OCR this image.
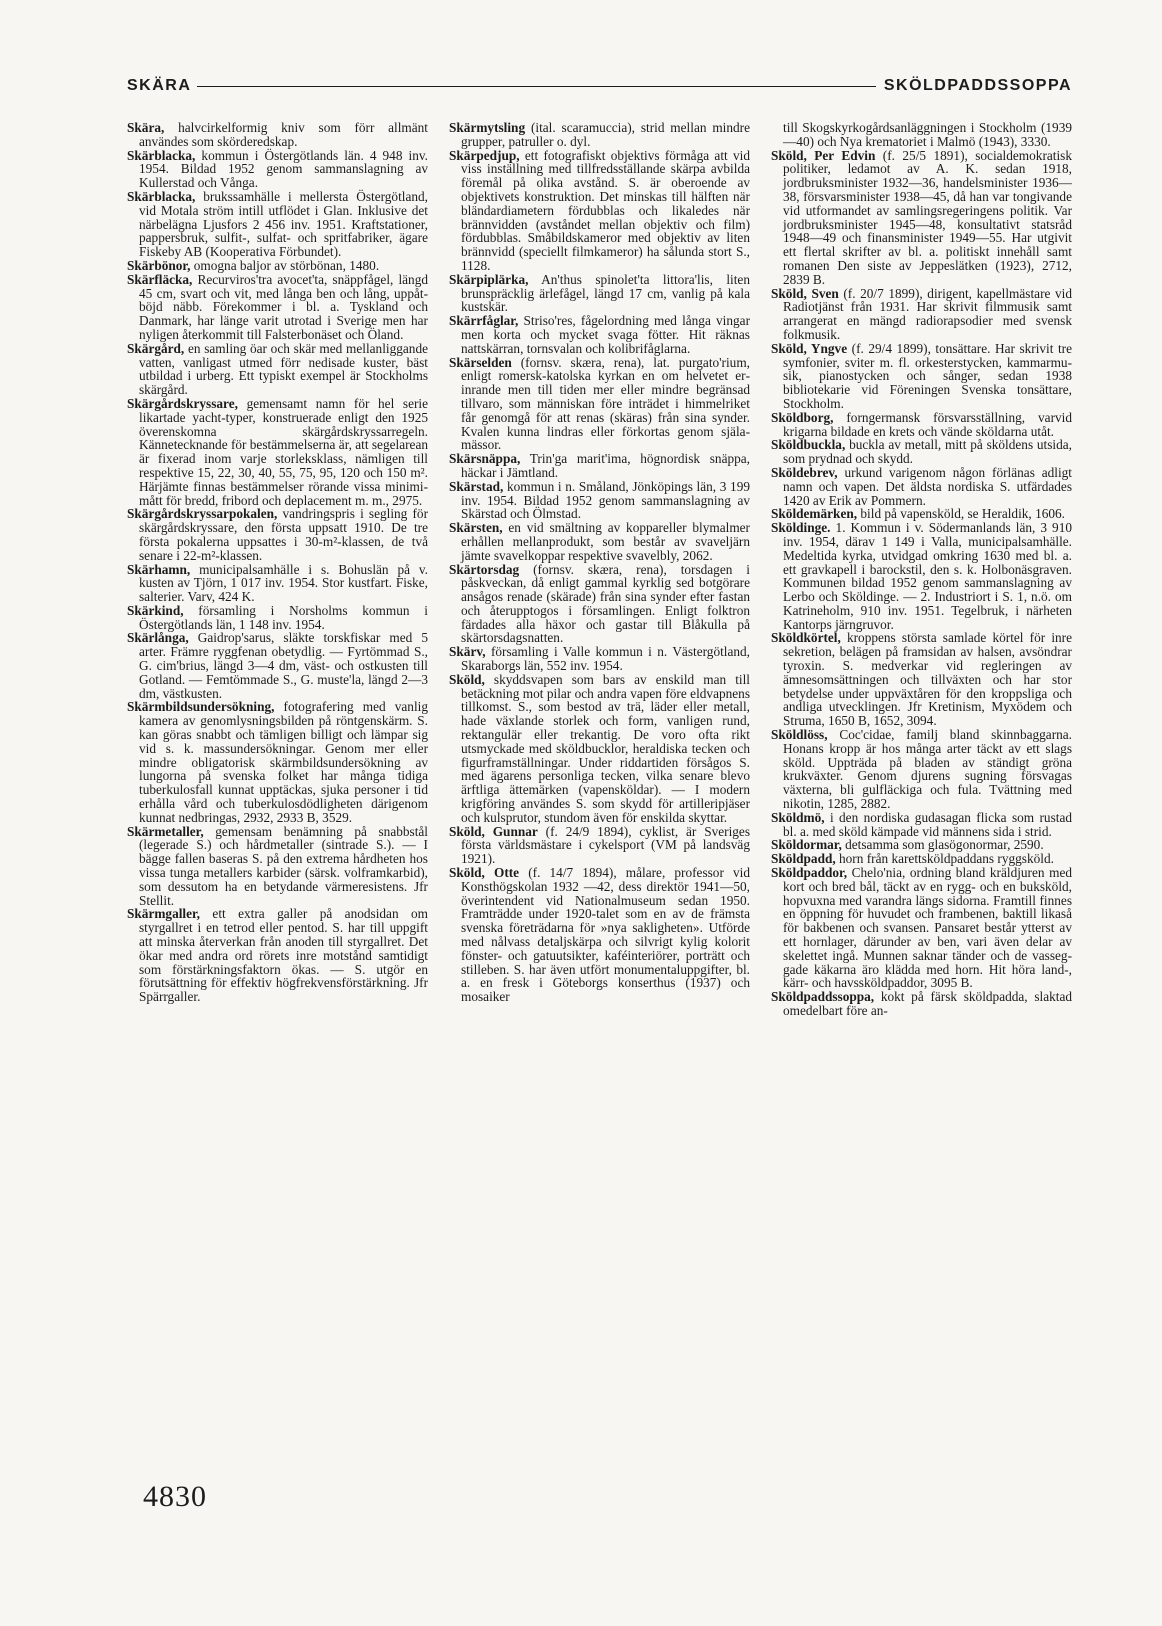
SKÄRA	SKÖLDPADDSSOPPA

Skära, halvcirkelformig kniv som förr allmänt användes som skörderedskap.

Skärblacka, kommun i Östergötlands län. 4 948 inv. 1954. Bildad 1952 genom sammanslagning av Kullerstad och Vånga.

Skärblacka, brukssamhälle i mellersta Östergötland, vid Motala ström intill utflödet i Glan. Inklusive det närbelägna Ljusfors 2 456 inv. 1951. Kraftstationer, pappersbruk, sulfit-, sulfat- och spritfabriker, ägare Fiskeby AB (Kooperativa Förbundet).

Skärbönor, omogna baljor av störbönan, 1480.

Skärfläcka, Recurviros'tra avocet'ta, snäppfågel, längd 45 cm, svart och vit, med långa ben och lång, uppåtböjd näbb. Förekommer i bl. a. Tyskland och Danmark, har länge varit utrotad i Sverige men har nyligen återkommit till Falsterbonäset och Öland.

Skärgård, en samling öar och skär med mellanliggande vatten, vanligast utmed förr nedisade kuster, bäst utbildad i urberg. Ett typiskt exempel är Stockholms skärgård.

Skärgårdskryssare, gemensamt namn för hel serie likartade yacht-typer, konstruerade enligt den 1925 överenskomna skärgårdskryssarregeln. Kännetecknande för bestämmelserna är, att segelarean är fixerad inom varje storleksklass, nämligen till respektive 15, 22, 30, 40, 55, 75, 95, 120 och 150 m². Härjämte finnas bestämmelser rörande vissa minimimått för bredd, fribord och deplacement m. m., 2975.

Skärgårdskryssarpokalen, vandringspris i segling för skärgårdskryssare, den första uppsatt 1910. De tre första pokalerna uppsattes i 30-m²-klassen, de två senare i 22-m²-klassen.

Skärhamn, municipalsamhälle i s. Bohuslän på v. kusten av Tjörn, 1 017 inv. 1954. Stor kustfart. Fiske, salterier. Varv, 424 K.

Skärkind, församling i Norsholms kommun i Östergötlands län, 1 148 inv. 1954.

Skärlånga, Gaidrop'sarus, släkte torskfiskar med 5 arter. Främre ryggfenan obetydlig. — Fyrtömmad S., G. cim'brius, längd 3—4 dm, väst- och ostkusten till Gotland. — Femtömmade S., G. muste'la, längd 2—3 dm, västkusten.

Skärmbildsundersökning, fotografering med vanlig kamera av genomlysningsbilden på röntgenskärm. S. kan göras snabbt och tämligen billigt och lämpar sig vid s. k. massundersökningar. Genom mer eller mindre obligatorisk skärmbildsundersökning av lungorna på svenska folket har många tidiga tuberkulosfall kunnat upptäckas, sjuka personer i tid erhålla vård och tuberkulosdödligheten därigenom kunnat nedbringas, 2932, 2933 B, 3529.

Skärmetaller, gemensam benämning på snabbstål (legerade S.) och hårdmetaller (sintrade S.). — I bägge fallen baseras S. på den extrema hårdheten hos vissa tunga metallers karbider (särsk. volframkarbid), som dessutom ha en betydande värmeresistens. Jfr Stellit.

Skärmgaller, ett extra galler på anodsidan om styrgallret i en tetrod eller pentod. S. har till uppgift att minska återverkan från anoden till styrgallret. Det ökar med andra ord rörets inre motstånd samtidigt som förstärkningsfaktorn ökas. — S. utgör en förutsättning för effektiv högfrekvensförstärkning. Jfr Spärrgaller.

Skärmytsling (ital. scaramuccia), strid mellan mindre grupper, patruller o. dyl.

Skärpedjup, ett fotografiskt objektivs förmåga att vid viss inställning med tillfredsställande skärpa avbilda föremål på olika avstånd. S. är oberoende av objektivets konstruktion. Det minskas till hälften när bländardiametern fördubblas och likaledes när brännvidden (avståndet mellan objektiv och film) fördubblas. Småbildskameror med objektiv av liten brännvidd (speciellt filmkameror) ha sålunda stort S., 1128.

Skärpiplärka, An'thus spinolet'ta littora'lis, liten brunspräcklig ärlefågel, längd 17 cm, vanlig på kala kustskär.

Skärrfåglar, Striso'res, fågelordning med långa vingar men korta och mycket svaga fötter. Hit räknas nattskärran, tornsvalan och kolibrifåglarna.

Skärselden (fornsv. skæra, rena), lat. purgato'rium, enligt romersk-katolska kyrkan en om helvetet erinrande men till tiden mer eller mindre begränsad tillvaro, som människan före inträdet i himmelriket får genomgå för att renas (skäras) från sina synder. Kvalen kunna lindras eller förkortas genom själamässor.

Skärsnäppa, Trin'ga marit'ima, högnordisk snäppa, häckar i Jämtland.

Skärstad, kommun i n. Småland, Jönköpings län, 3 199 inv. 1954. Bildad 1952 genom sammanslagning av Skärstad och Ölmstad.

Skärsten, en vid smältning av koppareller blymalmer erhållen mellanprodukt, som består av svaveljärn jämte svavelkoppar respektive svavelbly, 2062.

Skärtorsdag (fornsv. skæra, rena), torsdagen i påskveckan, då enligt gammal kyrklig sed botgörare ansågos renade (skärade) från sina synder efter fastan och återupptogos i församlingen. Enligt folktron färdades alla häxor och gastar till Blåkulla på skärtorsdagsnatten.

Skärv, församling i Valle kommun i n. Västergötland, Skaraborgs län, 552 inv. 1954.

Sköld, skyddsvapen som bars av enskild man till betäckning mot pilar och andra vapen före eldvapnens tillkomst. S., som bestod av trä, läder eller metall, hade växlande storlek och form, vanligen rund, rektangulär eller trekantig. De voro ofta rikt utsmyckade med sköldbucklor, heraldiska tecken och figurframställningar. Under riddartiden försågos S. med ägarens personliga tecken, vilka senare blevo ärftliga ättemärken (vapensköldar). — I modern krigföring användes S. som skydd för artilleripjäser och kulsprutor, stundom även för enskilda skyttar.

Sköld, Gunnar (f. 24/9 1894), cyklist, är Sveriges första världsmästare i cykelsport (VM på landsväg 1921).

Sköld, Otte (f. 14/7 1894), målare, professor vid Konsthögskolan 1932 —42, dess direktör 1941—50, överintendent vid Nationalmuseum sedan 1950. Framträdde under 1920-talet som en av de främsta svenska företrädarna för »nya sakligheten». Utförde med nålvass detaljskärpa och silvrigt kylig kolorit fönster- och gatuutsikter, kaféinteriörer, porträtt och stilleben. S. har även utfört monumentaluppgifter, bl. a. en fresk i Göteborgs konserthus (1937) och mosaiker

till Skogskyrkogårdsanläggningen i Stockholm (1939—40) och Nya krematoriet i Malmö (1943), 3330.

Sköld, Per Edvin (f. 25/5 1891), socialdemokratisk politiker, ledamot av A. K. sedan 1918, jordbruksminister 1932—36, handelsminister 1936—38, försvarsminister 1938—45, då han var tongivande vid utformandet av samlingsregeringens politik. Var jordbruksminister 1945—48, konsultativt statsråd 1948—49 och finansminister 1949—55. Har utgivit ett flertal skrifter av bl. a. politiskt innehåll samt romanen Den siste av Jeppeslätken (1923), 2712, 2839 B.

Sköld, Sven (f. 20/7 1899), dirigent, kapellmästare vid Radiotjänst från 1931. Har skrivit filmmusik samt arrangerat en mängd radiorapsodier med svensk folkmusik.

Sköld, Yngve (f. 29/4 1899), tonsättare. Har skrivit tre symfonier, sviter m. fl. orkesterstycken, kammarmusik, pianostycken och sånger, sedan 1938 bibliotekarie vid Föreningen Svenska tonsättare, Stockholm.

Sköldborg, forngermansk försvarsställning, varvid krigarna bildade en krets och vände sköldarna utåt.

Sköldbuckla, buckla av metall, mitt på sköldens utsida, som prydnad och skydd.

Sköldebrev, urkund varigenom någon förlänas adligt namn och vapen. Det äldsta nordiska S. utfärdades 1420 av Erik av Pommern.

Sköldemärken, bild på vapensköld, se Heraldik, 1606.

Sköldinge. 1. Kommun i v. Södermanlands län, 3 910 inv. 1954, därav 1 149 i Valla, municipalsamhälle. Medeltida kyrka, utvidgad omkring 1630 med bl. a. ett gravkapell i barockstil, den s. k. Holbonäsgraven. Kommunen bildad 1952 genom sammanslagning av Lerbo och Sköldinge. — 2. Industriort i S. 1, n.ö. om Katrineholm, 910 inv. 1951. Tegelbruk, i närheten Kantorps järngruvor.

Sköldkörtel, kroppens största samlade körtel för inre sekretion, belägen på framsidan av halsen, avsöndrar tyroxin. S. medverkar vid regleringen av ämnesomsättningen och tillväxten och har stor betydelse under uppväxtåren för den kroppsliga och andliga utvecklingen. Jfr Kretinism, Myxödem och Struma, 1650 B, 1652, 3094.

Sköldlöss, Coc'cidae, familj bland skinnbaggarna. Honans kropp är hos många arter täckt av ett slags sköld. Uppträda på bladen av ständigt gröna krukväxter. Genom djurens sugning försvagas växterna, bli gulfläckiga och fula. Tvättning med nikotin, 1285, 2882.

Sköldmö, i den nordiska gudasagan flicka som rustad bl. a. med sköld kämpade vid männens sida i strid.

Sköldormar, detsamma som glasögonormar, 2590.

Sköldpadd, horn från karettsköldpaddans ryggsköld.

Sköldpaddor, Chelo'nia, ordning bland kräldjuren med kort och bred bål, täckt av en rygg- och en buksköld, hopvuxna med varandra längs sidorna. Framtill finnes en öppning för huvudet och frambenen, baktill likaså för bakbenen och svansen. Pansaret består ytterst av ett hornlager, därunder av ben, vari även delar av skelettet ingå. Munnen saknar tänder och de vasseggade käkarna äro klädda med horn. Hit höra land-, kärr- och havssköldpaddor, 3095 B.

Sköldpaddssoppa, kokt på färsk sköldpadda, slaktad omedelbart före an-

4830
